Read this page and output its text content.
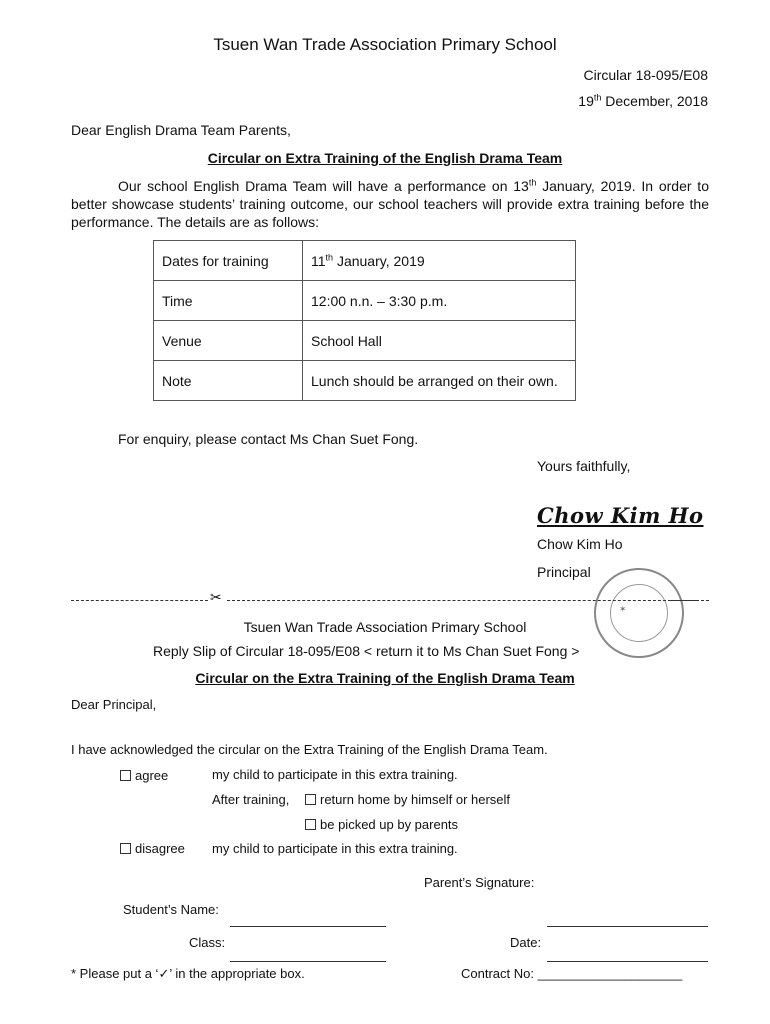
Tsuen Wan Trade Association Primary School
Circular 18-095/E08
19th December, 2018
Dear English Drama Team Parents,
Circular on Extra Training of the English Drama Team
Our school English Drama Team will have a performance on 13th January, 2019. In order to better showcase students’ training outcome, our school teachers will provide extra training before the performance. The details are as follows:
Dates for training	11th January, 2019
Time	12:00 n.n. – 3:30 p.m.
Venue	School Hall
Note	Lunch should be arranged on their own.
For enquiry, please contact Ms Chan Suet Fong.
Yours faithfully,
Chow Kim Ho
Chow Kim Ho
Principal
✶
✂
Tsuen Wan Trade Association Primary School
Reply Slip of Circular 18-095/E08 < return it to Ms Chan Suet Fong >
Circular on the Extra Training of the English Drama Team
Dear Principal,
I have acknowledged the circular on the Extra Training of the English Drama Team.
agree	my child to participate in this extra training.
After training,	return home by himself or herself
be picked up by parents
disagree my child to participate in this extra training.
Parent’s Signature:
Student’s Name:
Class:	Date:
* Please put a ‘✓’ in the appropriate box.	Contract No: ____________________
